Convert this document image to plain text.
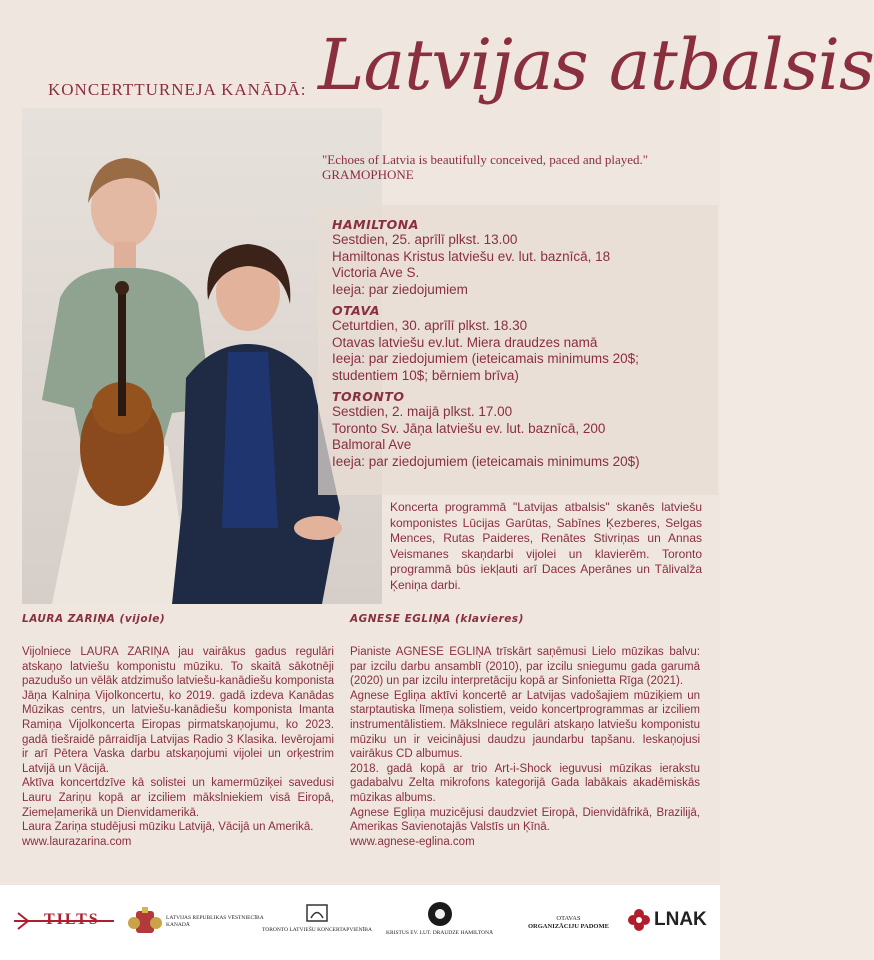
KONCERTTURNEJA KANĀDĀ: Latvijas atbalsis
"Echoes of Latvia is beautifully conceived, paced and played."
GRAMOPHONE
HAMILTONA
Sestdien, 25. aprīlī plkst. 13.00
Hamiltonas Kristus latviešu ev. lut. baznīcā, 18
Victoria Ave S.
Ieeja: par ziedojumiem
OTAVA
Ceturtdien, 30. aprīlī plkst. 18.30
Otavas latviešu ev.lut. Miera draudzes namā
Ieeja: par ziedojumiem (ieteicamais minimums 20$;
studentiem 10$; bērniem brīva)
TORONTO
Sestdien, 2. maijā plkst. 17.00
Toronto Sv. Jāņa latviešu ev. lut. baznīcā, 200
Balmoral Ave
Ieeja: par ziedojumiem (ieteicamais minimums 20$)
Koncerta programmā "Latvijas atbalsis" skanēs latviešu komponistes Lūcijas Garūtas, Sabīnes Ķezberes, Selgas Mences, Rutas Paideres, Renātes Stivriņas un Annas Veismanes skaņdarbi vijolei un klavierēm. Toronto programmā būs iekļauti arī Daces Aperānes un Tālivalža Ķeniņa darbi.
LAURA ZARIŅA (vijole)

Vijolniece LAURA ZARIŅA jau vairākus gadus regulāri atskaņo latviešu komponistu mūziku. To skaitā sākotnēji pazudušo un vēlāk atdzimušo latviešu-kanādiešu komponista Jāņa Kalniņa Vijolkoncertu, ko 2019. gadā izdeva Kanādas Mūzikas centrs, un latviešu-kanādiešu komponista Imanta Ramiņa Vijolkoncerta Eiropas pirmatskaņojumu, ko 2023. gadā tiešraidē pārraidīja Latvijas Radio 3 Klasika. Ievērojami ir arī Pētera Vaska darbu atskaņojumi vijolei un orķestrim Latvijā un Vācijā.

Aktīva koncertdzīve kā solistei un kamermūziķei savedusi Lauru Zariņu kopā ar izciliem mākslniekiem visā Eiropā, Ziemeļamerikā un Dienvidamerikā.

Laura Zariņa studējusi mūziku Latvijā, Vācijā un Amerikā.

www.laurazarina.com

AGNESE EGLIŅA (klavieres)

Pianiste AGNESE EGLIŅA trīskārt saņēmusi Lielo mūzikas balvu: par izcilu darbu ansamblī (2010), par izcilu sniegumu gada garumā (2020) un par izcilu interpretāciju kopā ar Sinfonietta Rīga (2021).

Agnese Egliņa aktīvi koncertē ar Latvijas vadošajiem mūziķiem un starptautiska līmeņa solistiem, veido koncertprogrammas ar izciliem instrumentālistiem. Mākslniece regulāri atskaņo latviešu komponistu mūziku un ir veicinājusi daudzu jaundarbu tapšanu. Ieskaņojusi vairākus CD albumus.

2018. gadā kopā ar trio Art-i-Shock ieguvusi mūzikas ierakstu gadabalvu Zelta mikrofons kategorijā Gada labākais akadēmiskās mūzikas albums.

Agnese Egliņa muzicējusi daudzviet Eiropā, Dienvidāfrikā, Brazilijā, Amerikas Savienotajās Valstīs un Ķīnā.

www.agnese-eglina.com

TILTS	LATVIJAS REPUBLIKAS VĒSTNIECĪBA
KANADĀ
TORONTO LATVIEŠU KONCERTAPVIENĪBA	KRISTUS EV. LUT. DRAUDZE HAMILTONĀ
OTAVAS
ORGANIZĀCIJU PADOME LNAK
